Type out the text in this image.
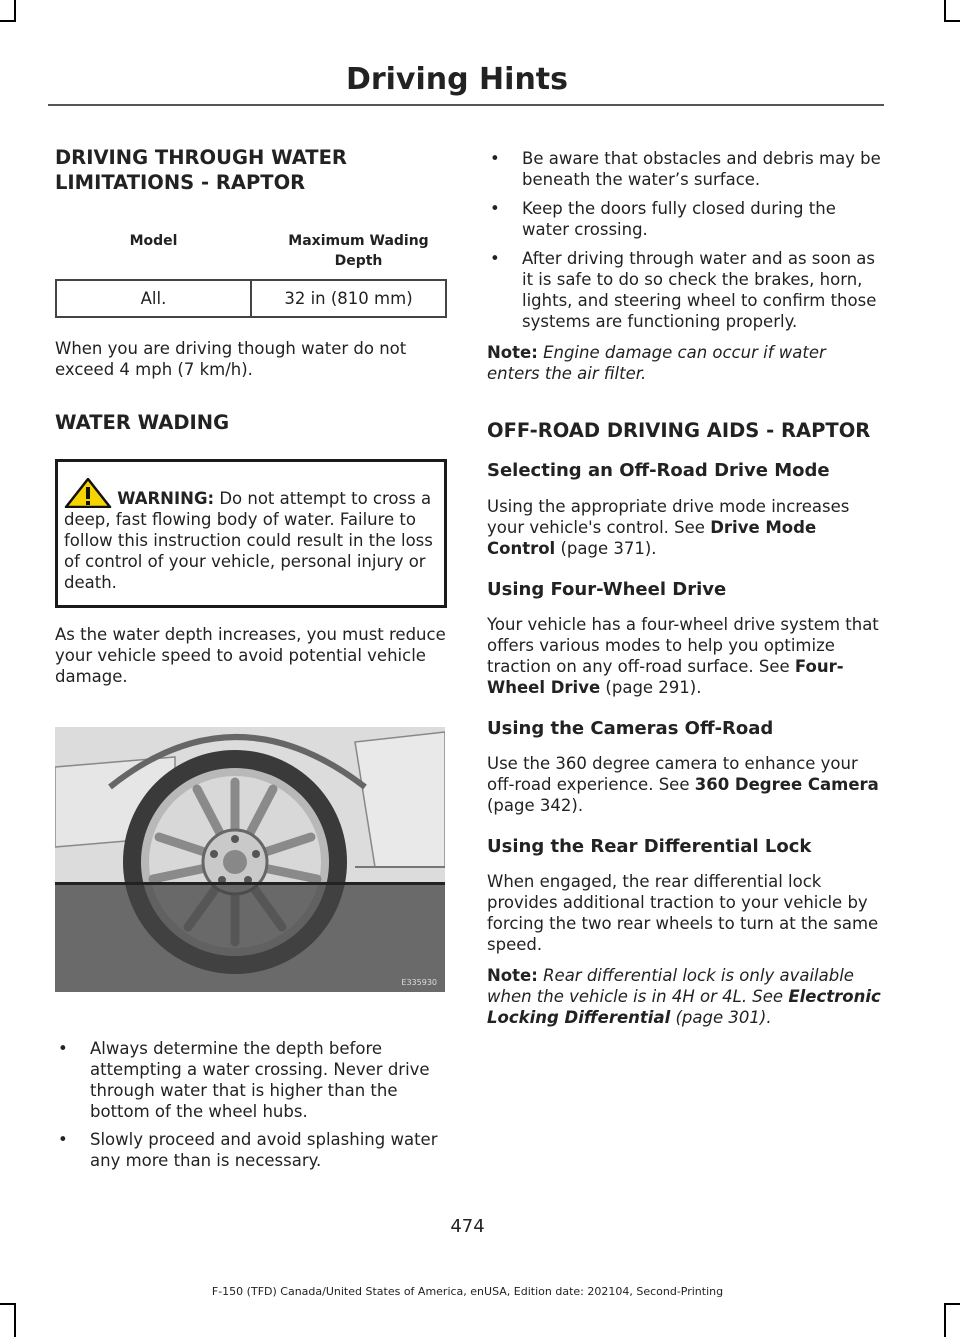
Driving Hints
DRIVING THROUGH WATER LIMITATIONS - RAPTOR
Model	Maximum Wading Depth
All.	32 in (810 mm)

When you are driving though water do not exceed 4 mph (7 km/h).

WATER WADING
WARNING: Do not attempt to cross a deep, fast flowing body of water. Failure to follow this instruction could result in the loss of control of your vehicle, personal injury or death.

As the water depth increases, you must reduce your vehicle speed to avoid potential vehicle damage.

E335930
• Always determine the depth before attempting a water crossing. Never drive through water that is higher than the bottom of the wheel hubs.
• Slowly proceed and avoid splashing water any more than is necessary.
• Be aware that obstacles and debris may be beneath the water’s surface.
• Keep the doors fully closed during the water crossing.
• After driving through water and as soon as it is safe to do so check the brakes, horn, lights, and steering wheel to confirm those systems are functioning properly.

Note: Engine damage can occur if water enters the air filter.

OFF-ROAD DRIVING AIDS - RAPTOR
Selecting an Off-Road Drive Mode

Using the appropriate drive mode increases your vehicle's control. See Drive Mode Control (page 371).

Using Four-Wheel Drive

Your vehicle has a four-wheel drive system that offers various modes to help you optimize traction on any off-road surface. See Four-Wheel Drive (page 291).

Using the Cameras Off-Road

Use the 360 degree camera to enhance your off-road experience. See 360 Degree Camera (page 342).

Using the Rear Differential Lock

When engaged, the rear differential lock provides additional traction to your vehicle by forcing the two rear wheels to turn at the same speed.

Note: Rear differential lock is only available when the vehicle is in 4H or 4L. See Electronic Locking Differential (page 301).

474
F-150 (TFD) Canada/United States of America, enUSA, Edition date: 202104, Second-Printing
